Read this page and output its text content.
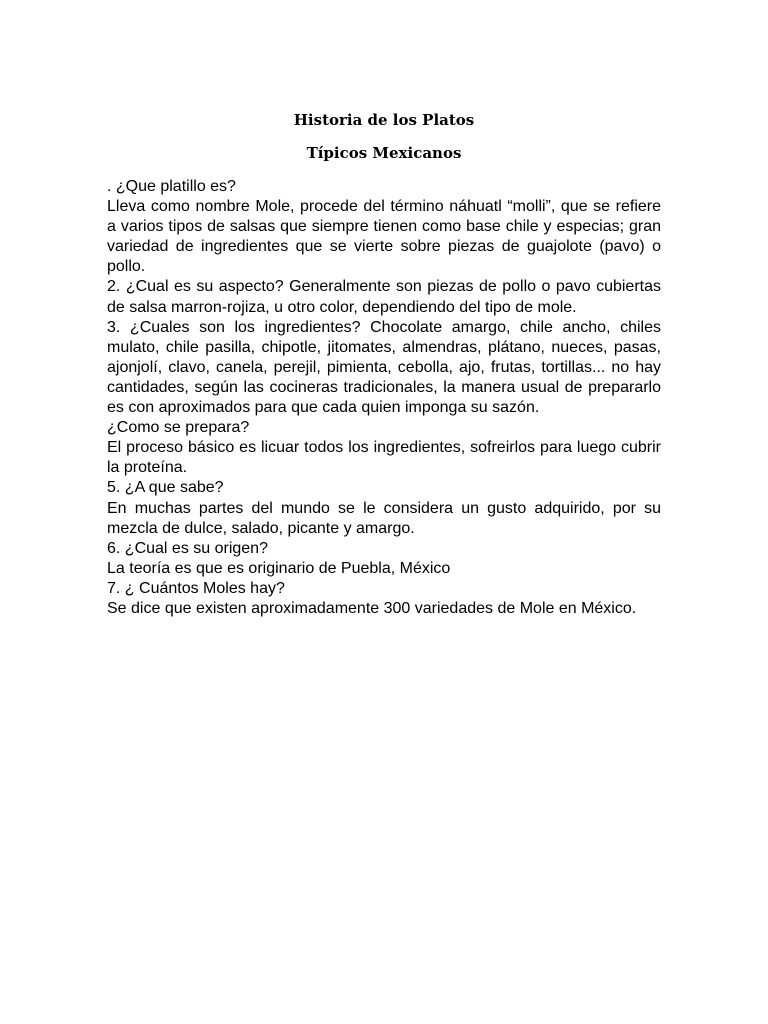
Historia de los Platos
Típicos Mexicanos

. ¿Que platillo es?

Lleva como nombre Mole, procede del término náhuatl “molli”, que se refiere a varios tipos de salsas que siempre tienen como base chile y especias; gran variedad de ingredientes que se vierte sobre piezas de guajolote (pavo) o pollo.

2. ¿Cual es su aspecto? Generalmente son piezas de pollo o pavo cubiertas de salsa marron-rojiza, u otro color, dependiendo del tipo de mole.

3. ¿Cuales son los ingredientes? Chocolate amargo, chile ancho, chiles mulato, chile pasilla, chipotle, jitomates, almendras, plátano, nueces, pasas, ajonjolí, clavo, canela, perejil, pimienta, cebolla, ajo, frutas, tortillas... no hay cantidades, según las cocineras tradicionales, la manera usual de prepararlo es con aproximados para que cada quien imponga su sazón.

¿Como se prepara?

El proceso básico es licuar todos los ingredientes, sofreirlos para luego cubrir la proteína.

5. ¿A que sabe?

En muchas partes del mundo se le considera un gusto adquirido, por su mezcla de dulce, salado, picante y amargo.

6. ¿Cual es su origen?

La teoría es que es originario de Puebla, México

7. ¿ Cuántos Moles hay?

Se dice que existen aproximadamente 300 variedades de Mole en México.
